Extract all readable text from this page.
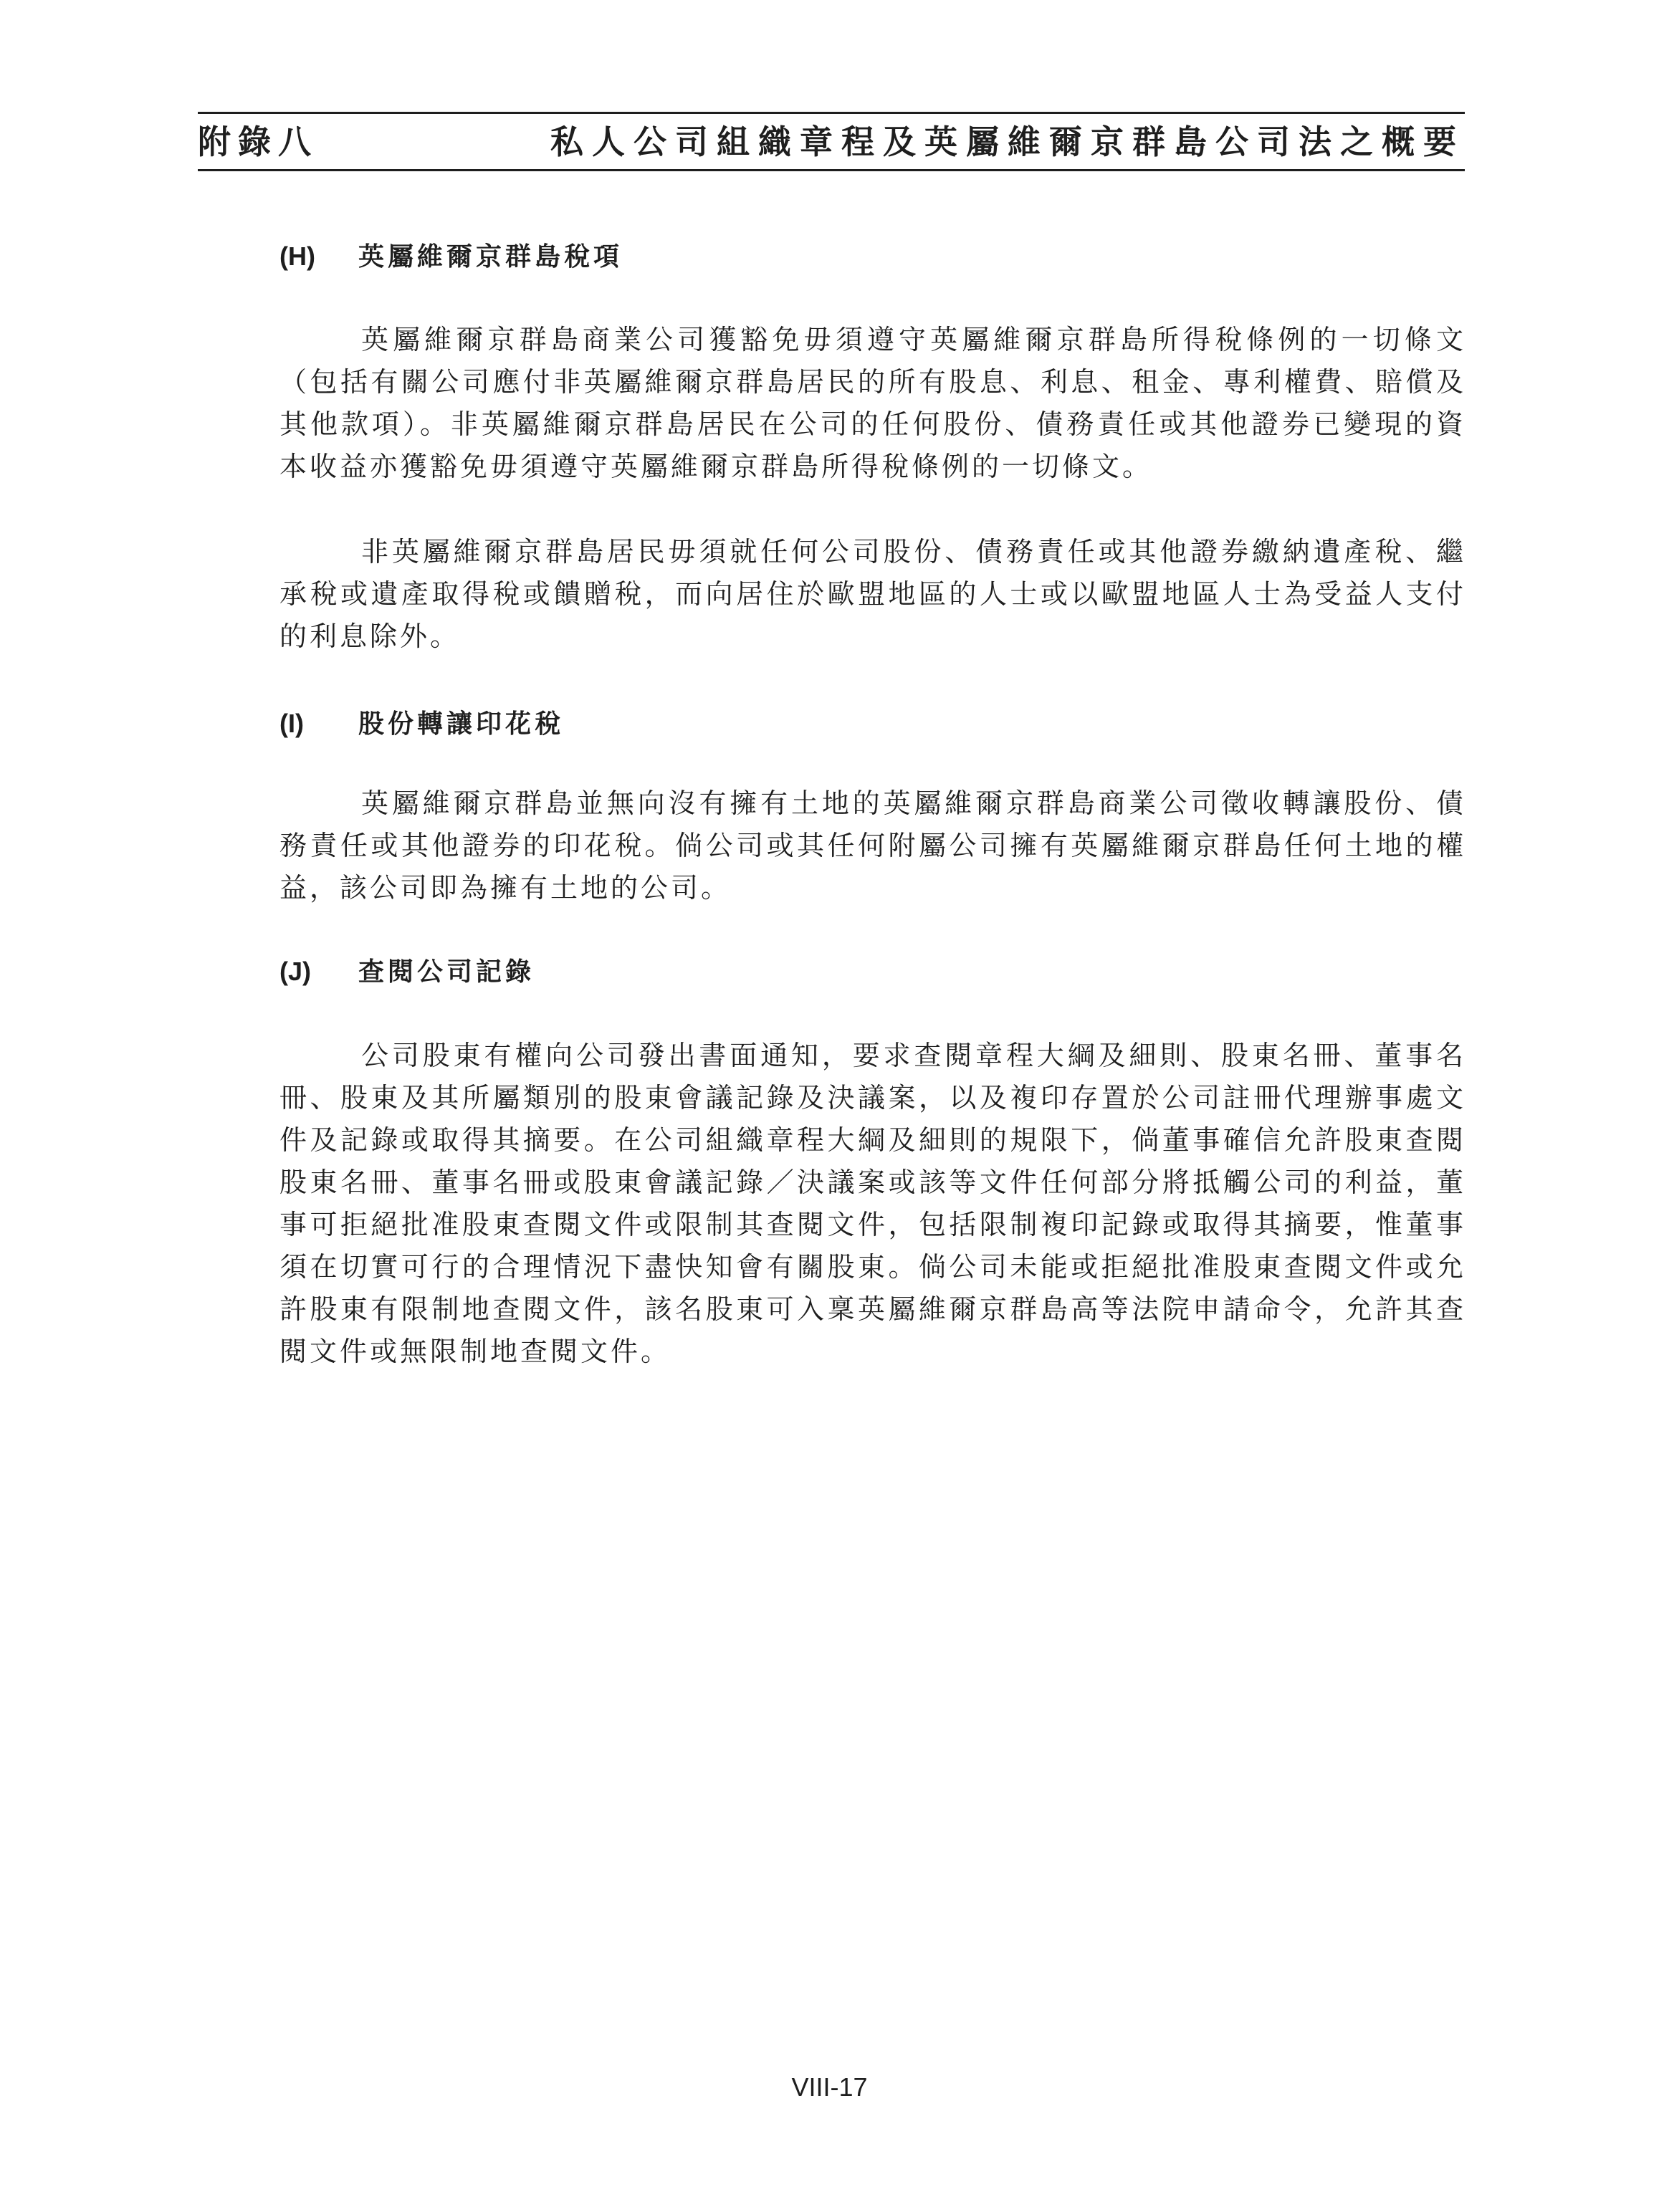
附錄八	私人公司組織章程及英屬維爾京群島公司法之概要
(H) 英屬維爾京群島稅項

英屬維爾京群島商業公司獲豁免毋須遵守英屬維爾京群島所得稅條例的一切條文（包括有關公司應付非英屬維爾京群島居民的所有股息、利息、租金、專利權費、賠償及其他款項）。非英屬維爾京群島居民在公司的任何股份、債務責任或其他證券已變現的資本收益亦獲豁免毋須遵守英屬維爾京群島所得稅條例的一切條文。

非英屬維爾京群島居民毋須就任何公司股份、債務責任或其他證券繳納遺產稅、繼承稅或遺產取得稅或饋贈稅，而向居住於歐盟地區的人士或以歐盟地區人士為受益人支付的利息除外。

(I) 股份轉讓印花稅

英屬維爾京群島並無向沒有擁有土地的英屬維爾京群島商業公司徵收轉讓股份、債務責任或其他證券的印花稅。倘公司或其任何附屬公司擁有英屬維爾京群島任何土地的權益，該公司即為擁有土地的公司。

(J) 查閱公司記錄

公司股東有權向公司發出書面通知，要求查閱章程大綱及細則、股東名冊、董事名冊、股東及其所屬類別的股東會議記錄及決議案，以及複印存置於公司註冊代理辦事處文件及記錄或取得其摘要。在公司組織章程大綱及細則的規限下，倘董事確信允許股東查閱股東名冊、董事名冊或股東會議記錄／決議案或該等文件任何部分將抵觸公司的利益，董事可拒絕批准股東查閱文件或限制其查閱文件，包括限制複印記錄或取得其摘要，惟董事須在切實可行的合理情況下盡快知會有關股東。倘公司未能或拒絕批准股東查閱文件或允許股東有限制地查閱文件，該名股東可入稟英屬維爾京群島高等法院申請命令，允許其查閱文件或無限制地查閱文件。

VIII-17
